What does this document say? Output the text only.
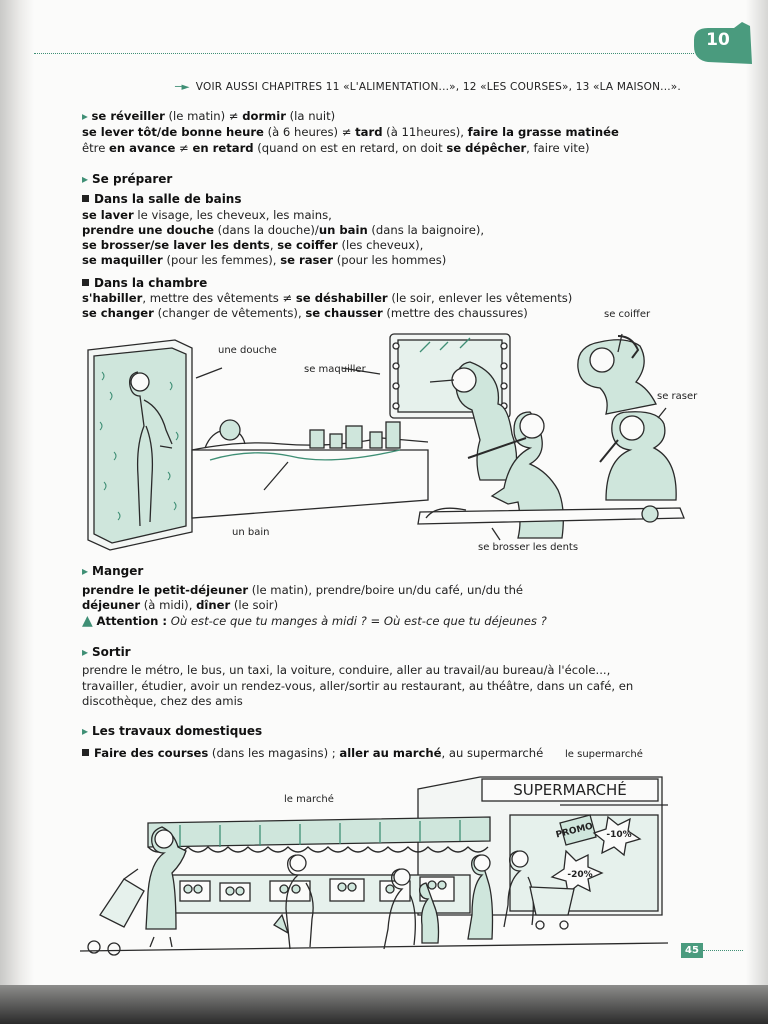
10
─► VOIR AUSSI CHAPITRES 11 «L'ALIMENTATION...», 12 «LES COURSES», 13 «LA MAISON...».
▸ se réveiller (le matin) ≠ dormir (la nuit)
se lever tôt/de bonne heure (à 6 heures) ≠ tard (à 11heures), faire la grasse matinée
être en avance ≠ en retard (quand on est en retard, on doit se dépêcher, faire vite)
▸ Se préparer
Dans la salle de bains
se laver le visage, les cheveux, les mains,
prendre une douche (dans la douche)/un bain (dans la baignoire),
se brosser/se laver les dents, se coiffer (les cheveux),
se maquiller (pour les femmes), se raser (pour les hommes)
Dans la chambre
s'habiller, mettre des vêtements ≠ se déshabiller (le soir, enlever les vêtements)
se changer (changer de vêtements), se chausser (mettre des chaussures)
une douche
se maquiller
se coiffer
se raser
un bain
se brosser les dents
▸ Manger
prendre le petit-déjeuner (le matin), prendre/boire un/du café, un/du thé
déjeuner (à midi), dîner (le soir)
▲ Attention : Où est-ce que tu manges à midi ? = Où est-ce que tu déjeunes ?
▸ Sortir
prendre le métro, le bus, un taxi, la voiture, conduire, aller au travail/au bureau/à l'école...,
travailler, étudier, avoir un rendez-vous, aller/sortir au restaurant, au théâtre, dans un café, en
discothèque, chez des amis
▸ Les travaux domestiques
Faire des courses (dans les magasins) ; aller au marché, au supermarché le supermarché
le marché
SUPERMARCHÉ
PROMO -10%
-20%
45
